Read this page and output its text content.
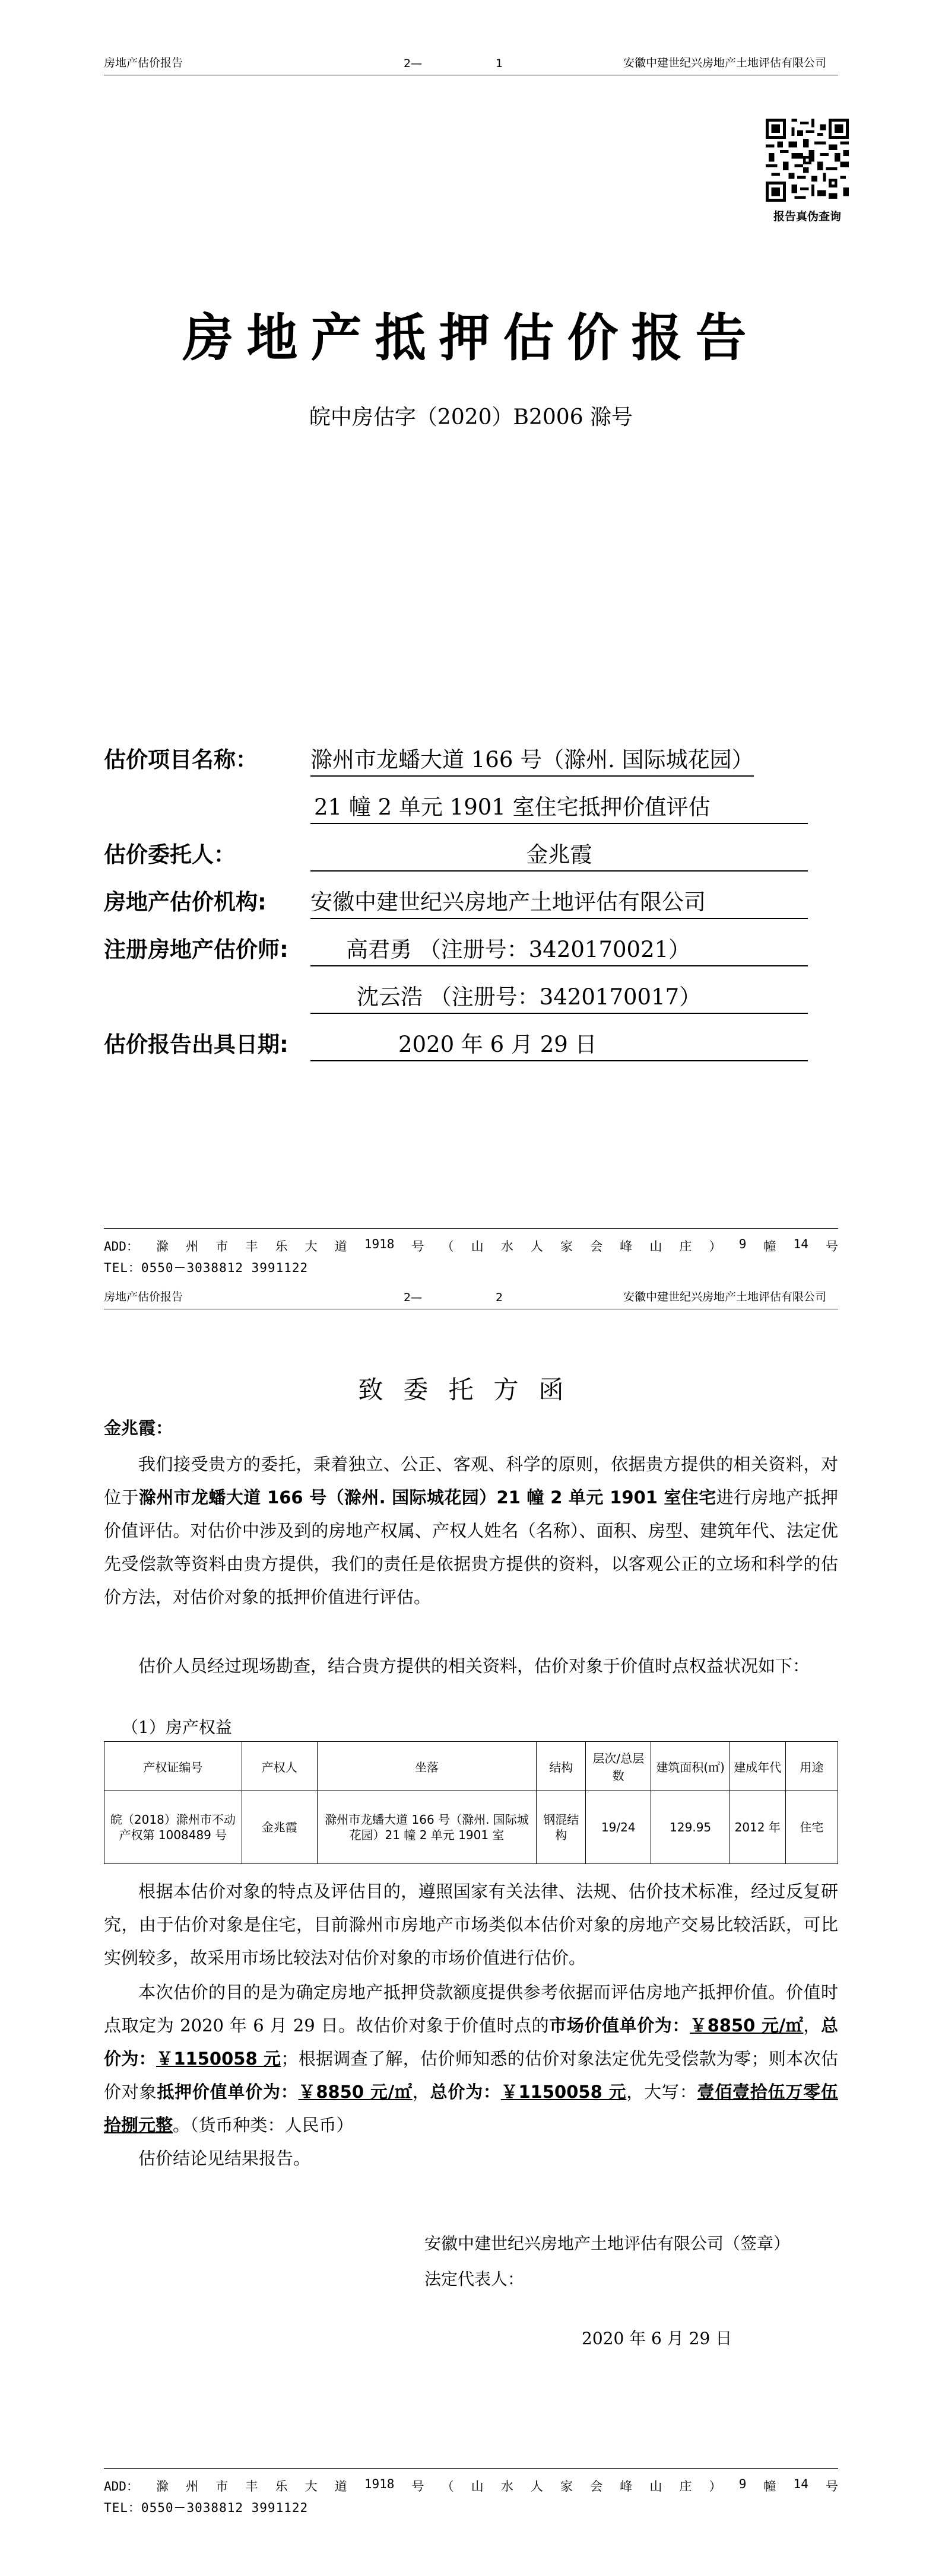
房地产估价报告	2—	1	安徽中建世纪兴房地产土地评估有限公司
报告真伪查询
房地产抵押估价报告
皖中房估字（2020）B2006 滁号
估价项目名称： 滁州市龙蟠大道 166 号（滁州. 国际城花园）
21 幢 2 单元 1901 室住宅抵押价值评估
估价委托人：	金兆霞
房地产估价机构: 安徽中建世纪兴房地产土地评估有限公司
注册房地产估价师:	高君勇 （注册号：3420170021）
沈云浩 （注册号：3420170017）
估价报告出具日期:	2020 年 6 月 29 日
ADD： 滁 州 市 丰 乐 大 道 1918 号 （ 山 水 人 家 会 峰 山 庄 ） 9 幢 14 号
TEL：0550－3038812 3991122
房地产估价报告	2—	2	安徽中建世纪兴房地产土地评估有限公司
致委托方函
金兆霞：
我们接受贵方的委托，秉着独立、公正、客观、科学的原则，依据贵方提供的相关资料，对位于滁州市龙蟠大道 166 号（滁州. 国际城花园）21 幢 2 单元 1901 室住宅进行房地产抵押价值评估。对估价中涉及到的房地产权属、产权人姓名（名称）、面积、房型、建筑年代、法定优先受偿款等资料由贵方提供，我们的责任是依据贵方提供的资料，以客观公正的立场和科学的估价方法，对估价对象的抵押价值进行评估。
估价人员经过现场勘查，结合贵方提供的相关资料，估价对象于价值时点权益状况如下：
（1）房产权益
产权证编号	产权人	坐落	结构	层次/总层数	建筑面积(㎡)	建成年代	用途
皖（2018）滁州市不动产权第 1008489 号	金兆霞	滁州市龙蟠大道 166 号（滁州. 国际城花园）21 幢 2 单元 1901 室	钢混结构	19/24	129.95	2012 年	住宅
根据本估价对象的特点及评估目的，遵照国家有关法律、法规、估价技术标准，经过反复研究，由于估价对象是住宅，目前滁州市房地产市场类似本估价对象的房地产交易比较活跃，可比实例较多，故采用市场比较法对估价对象的市场价值进行估价。
本次估价的目的是为确定房地产抵押贷款额度提供参考依据而评估房地产抵押价值。价值时点取定为 2020 年 6 月 29 日。故估价对象于价值时点的市场价值单价为：￥8850 元/㎡，总价为：￥1150058 元；根据调查了解，估价师知悉的估价对象法定优先受偿款为零；则本次估价对象抵押价值单价为：￥8850 元/㎡，总价为：￥1150058 元，大写：壹佰壹拾伍万零伍拾捌元整。（货币种类：人民币）
估价结论见结果报告。
安徽中建世纪兴房地产土地评估有限公司（签章）
法定代表人：
2020 年 6 月 29 日
ADD： 滁 州 市 丰 乐 大 道 1918 号 （ 山 水 人 家 会 峰 山 庄 ） 9 幢 14 号
TEL：0550－3038812 3991122
